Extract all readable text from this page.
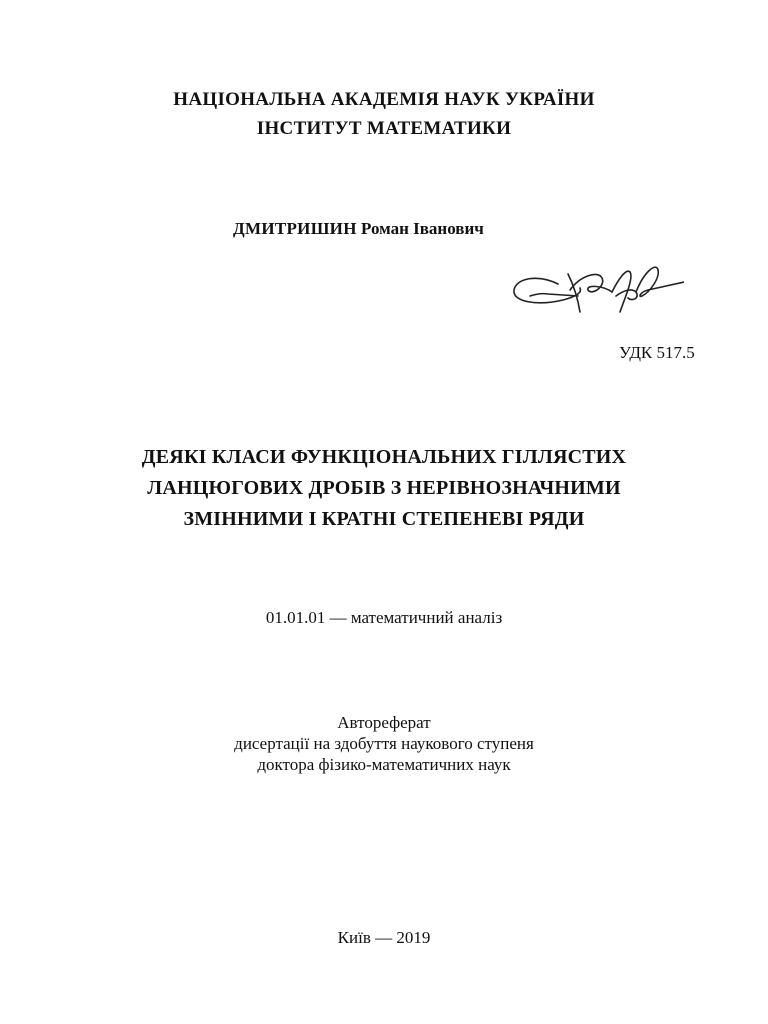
НАЦІОНАЛЬНА АКАДЕМІЯ НАУК УКРАЇНИ
ІНСТИТУТ МАТЕМАТИКИ
ДМИТРИШИН Роман Іванович
УДК 517.5
ДЕЯКІ КЛАСИ ФУНКЦІОНАЛЬНИХ ГІЛЛЯСТИХ
ЛАНЦЮГОВИХ ДРОБІВ З НЕРІВНОЗНАЧНИМИ
ЗМІННИМИ І КРАТНІ СТЕПЕНЕВІ РЯДИ
01.01.01 — математичний аналіз
Автореферат
дисертації на здобуття наукового ступеня
доктора фізико-математичних наук
Київ — 2019
